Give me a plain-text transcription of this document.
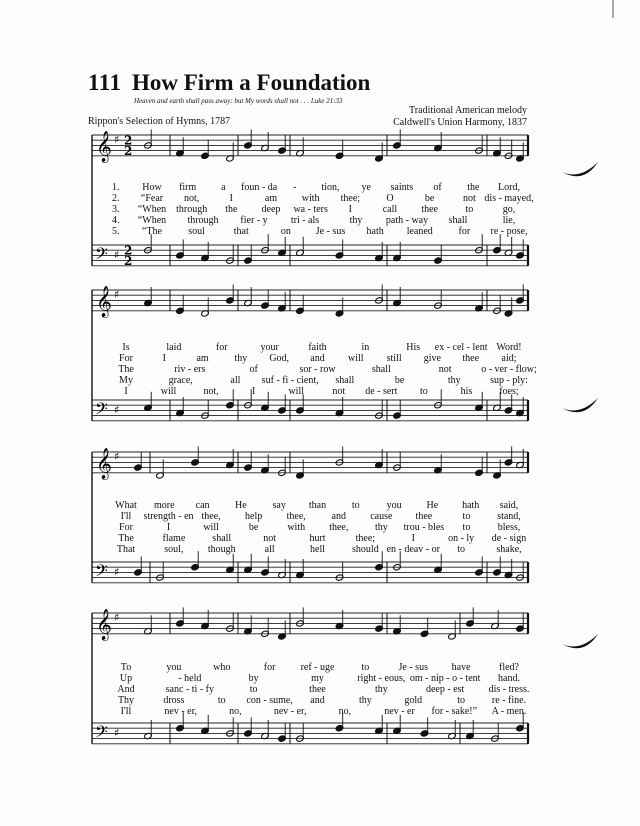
111 How Firm a Foundation
Heaven and earth shall pass away: but My words shall not . . . Luke 21:33
Rippon's Selection of Hymns, 1787
Traditional American melody
Caldwell's Union Harmony, 1837
𝄞
𝄢
♯
♯
2
2
2
2
𝄞
𝄢
♯
♯
𝄞
𝄢
♯
♯
𝄞
𝄢
♯
♯
1. How firm a foun - da -	tion, ye saints of	the Lord,
2. “Fear not,	I	am with thee;	O	be	not dis - mayed,
3. “When through the deep wa - ters I	call thee	to	go,
4. “When through fier - y tri - als	thy path - way shall	lie,
5. “The	soul	that	on Je - sus hath leaned	for re - pose,
Is	laid	for	your	faith	in	His ex - cel - lent Word!
For	I	am	thy God, and will still give thee aid;
The	riv - ers	of	sor - row	shall	not	o - ver - flow;
My	grace,	all suf - fi - cient, shall	be	thy	sup - ply:
I	will	not,	I	will	not de - sert to	his	foes;
What more can	He	say than	to	you He hath said,
I'll strength - en thee, help thee,	and cause thee	to	stand,
For	I	will	be	with thee,	thy trou - bles to	bless,
The	flame	shall	not	hurt	thee;	I	on - ly de - sign
That	soul, though	all	hell	should en - deav - or to	shake,
To	you	who	for	ref - uge	to	Je - sus have	fled?
Up	- held	by	my	right - eous, om - nip - o - tent hand.
And	sanc - ti - fy	to	thee	thy	deep - est dis - tress.
Thy	dross	to con - sume, and	thy	gold	to	re - fine.
I'll	nev - er,	no,	nev - er,	no,	nev - er for - sake!” A - men.
